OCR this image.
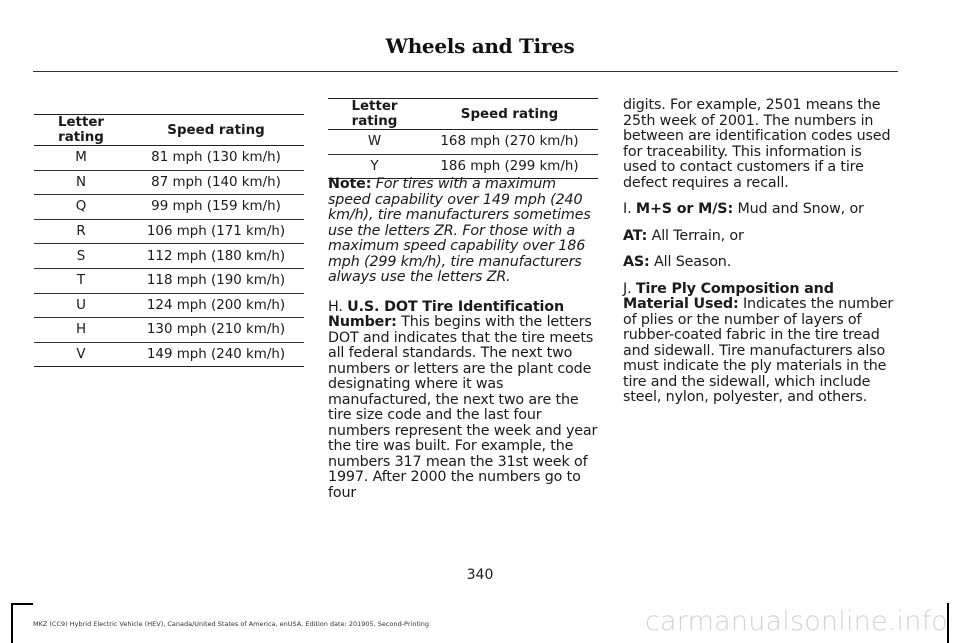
Wheels and Tires
Letter rating	Speed rating
M	81 mph (130 km/h)
N	87 mph (140 km/h)
Q	99 mph (159 km/h)
R	106 mph (171 km/h)
S	112 mph (180 km/h)
T	118 mph (190 km/h)
U	124 mph (200 km/h)
H	130 mph (210 km/h)
V	149 mph (240 km/h)
Letter rating	Speed rating
W	168 mph (270 km/h)
Y	186 mph (299 km/h)

Note: For tires with a maximum speed capability over 149 mph (240 km/h), tire manufacturers sometimes use the letters ZR. For those with a maximum speed capability over 186 mph (299 km/h), tire manufacturers always use the letters ZR.

H. U.S. DOT Tire Identification Number: This begins with the letters DOT and indicates that the tire meets all federal standards. The next two numbers or letters are the plant code designating where it was manufactured, the next two are the tire size code and the last four numbers represent the week and year the tire was built. For example, the numbers 317 mean the 31st week of 1997. After 2000 the numbers go to four

digits. For example, 2501 means the 25th week of 2001. The numbers in between are identification codes used for traceability. This information is used to contact customers if a tire defect requires a recall.

I. M+S or M/S: Mud and Snow, or

AT: All Terrain, or

AS: All Season.

J. Tire Ply Composition and Material Used: Indicates the number of plies or the number of layers of rubber-coated fabric in the tire tread and sidewall. Tire manufacturers also must indicate the ply materials in the tire and the sidewall, which include steel, nylon, polyester, and others.

340
MKZ (CC9) Hybrid Electric Vehicle (HEV), Canada/United States of America, enUSA, Edition date: 201905, Second-Printing	carmanualsonline.info
